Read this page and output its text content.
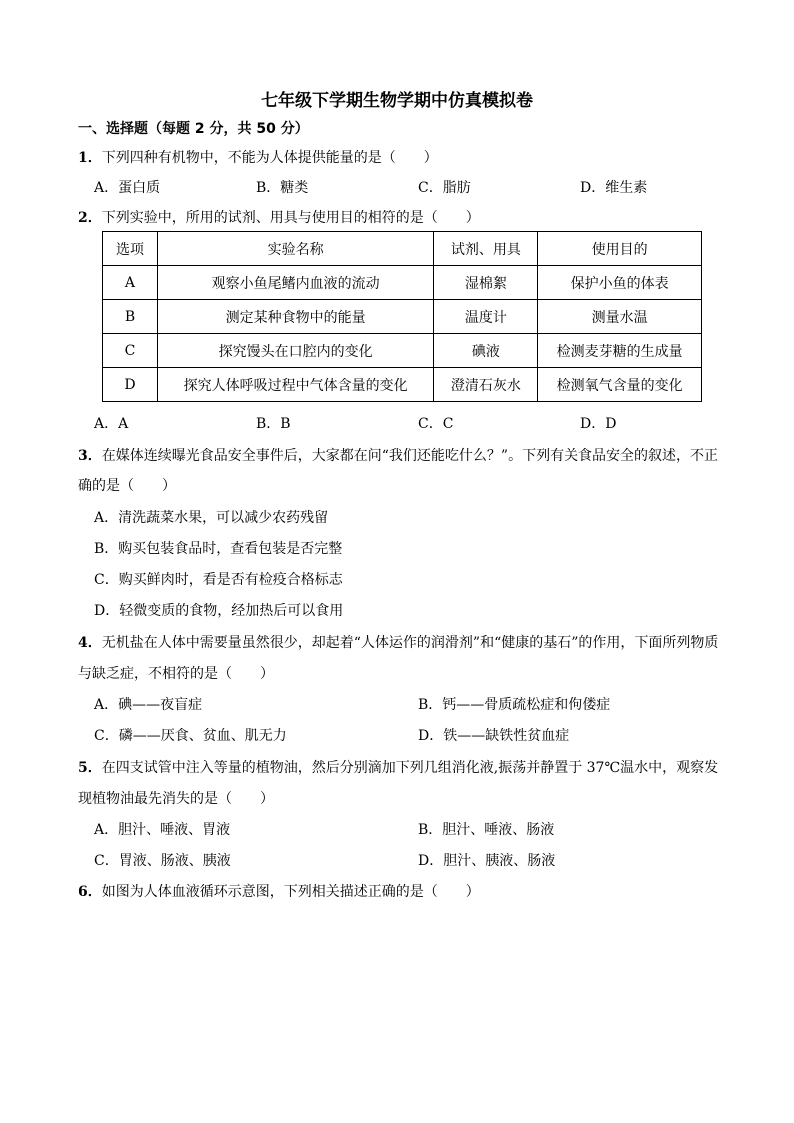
七年级下学期生物学期中仿真模拟卷
一、选择题（每题 2 分，共 50 分）
1．下列四种有机物中，不能为人体提供能量的是（　　）
A．蛋白质	B．糖类	C．脂肪	D．维生素
2．下列实验中，所用的试剂、用具与使用目的相符的是（　　）
选项	实验名称	试剂、用具	使用目的
A	观察小鱼尾鳍内血液的流动	湿棉絮	保护小鱼的体表
B	测定某种食物中的能量	温度计	测量水温
C	探究馒头在口腔内的变化	碘液	检测麦芽糖的生成量
D	探究人体呼吸过程中气体含量的变化	澄清石灰水	检测氧气含量的变化
A．A	B．B	C．C	D．D
3．在媒体连续曝光食品安全事件后，大家都在问“我们还能吃什么？”。下列有关食品安全的叙述，不正
确的是（　　）
A．清洗蔬菜水果，可以减少农药残留
B．购买包装食品时，查看包装是否完整
C．购买鲜肉时，看是否有检疫合格标志
D．轻微变质的食物，经加热后可以食用
4．无机盐在人体中需要量虽然很少，却起着“人体运作的润滑剂”和“健康的基石”的作用，下面所列物质
与缺乏症，不相符的是（　　）
A．碘——夜盲症	B．钙——骨质疏松症和佝偻症
C．磷——厌食、贫血、肌无力	D．铁——缺铁性贫血症
5．在四支试管中注入等量的植物油，然后分别滴加下列几组消化液,振荡并静置于 37℃温水中，观察发
现植物油最先消失的是（　　）
A．胆汁、唾液、胃液	B．胆汁、唾液、肠液
C．胃液、肠液、胰液	D．胆汁、胰液、肠液
6．如图为人体血液循环示意图，下列相关描述正确的是（　　）
